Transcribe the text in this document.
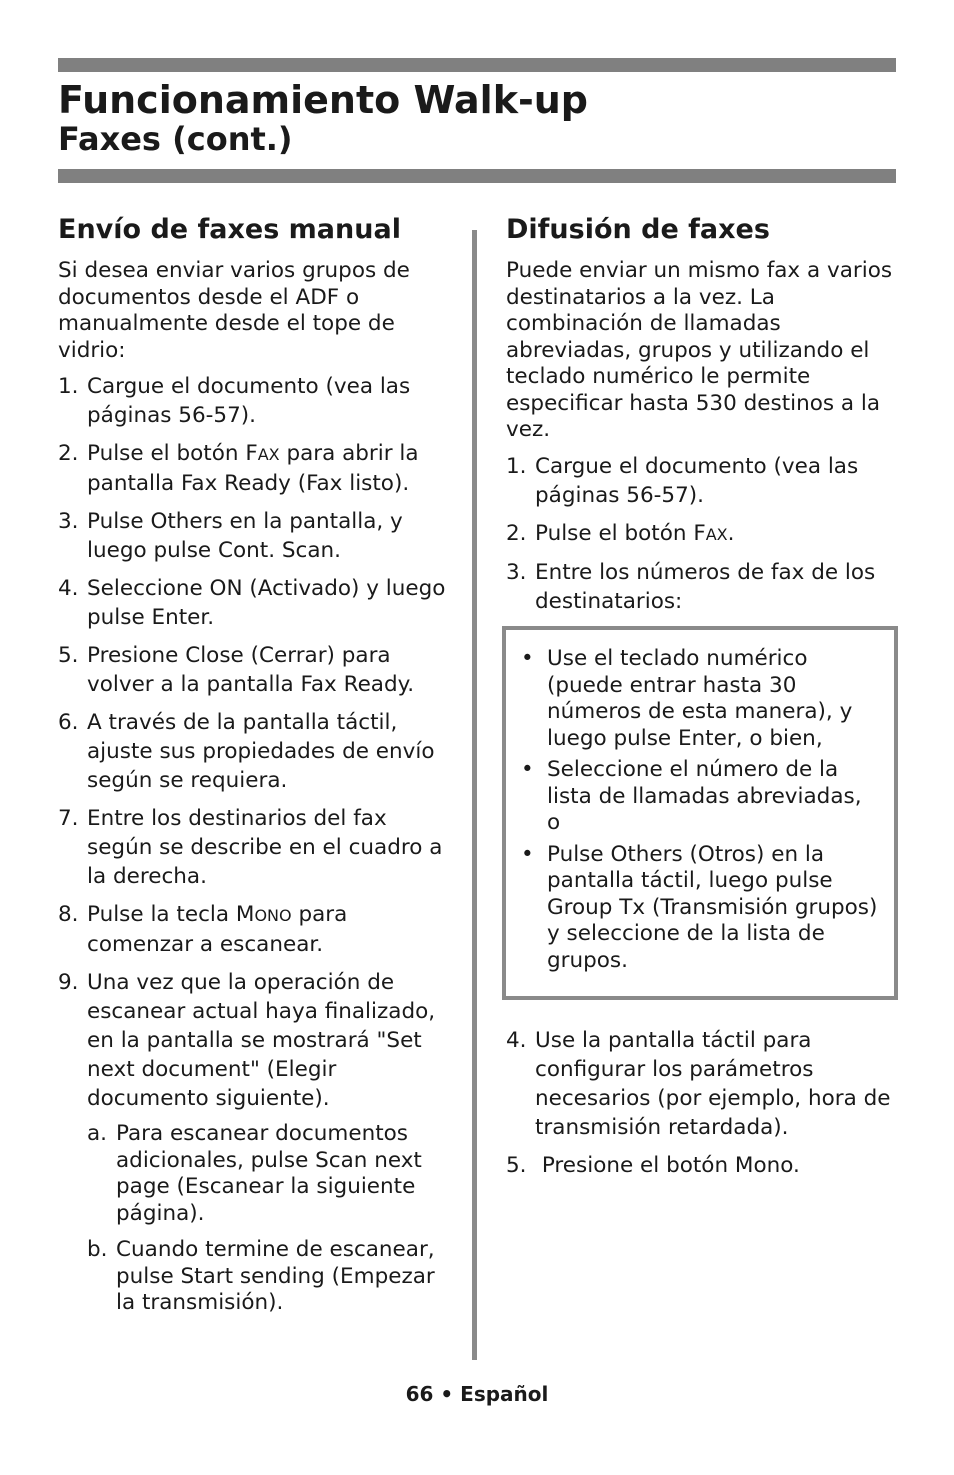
Funcionamiento Walk-up
Faxes (cont.)
Envío de faxes manual

Si desea enviar varios grupos de documentos desde el ADF o manualmente desde el tope de vidrio:

1. Cargue el documento (vea las páginas 56-57).
2. Pulse el botón FAX para abrir la pantalla Fax Ready (Fax listo).
3. Pulse Others en la pantalla, y luego pulse Cont. Scan.
4. Seleccione ON (Activado) y luego pulse Enter.
5. Presione Close (Cerrar) para volver a la pantalla Fax Ready.
6. A través de la pantalla táctil, ajuste sus propiedades de envío según se requiera.
7. Entre los destinarios del fax según se describe en el cuadro a la derecha.
8. Pulse la tecla MONO para comenzar a escanear.
9. Una vez que la operación de escanear actual haya finalizado, en la pantalla se mostrará "Set next document" (Elegir documento siguiente).
a. Para escanear documentos adicionales, pulse Scan next page (Escanear la siguiente página).
b. Cuando termine de escanear, pulse Start sending (Empezar la transmisión).
Difusión de faxes

Puede enviar un mismo fax a varios destinatarios a la vez. La combinación de llamadas abreviadas, grupos y utilizando el teclado numérico le permite especificar hasta 530 destinos a la vez.

1. Cargue el documento (vea las páginas 56-57).
2. Pulse el botón FAX.
3. Entre los números de fax de los destinatarios:
• Use el teclado numérico (puede entrar hasta 30 números de esta manera), y luego pulse Enter, o bien,
• Seleccione el número de la lista de llamadas abreviadas, o
• Pulse Others (Otros) en la pantalla táctil, luego pulse Group Tx (Transmisión grupos) y seleccione de la lista de grupos.
4. Use la pantalla táctil para configurar los parámetros necesarios (por ejemplo, hora de transmisión retardada).
5. Presione el botón Mono.
66 • Español
